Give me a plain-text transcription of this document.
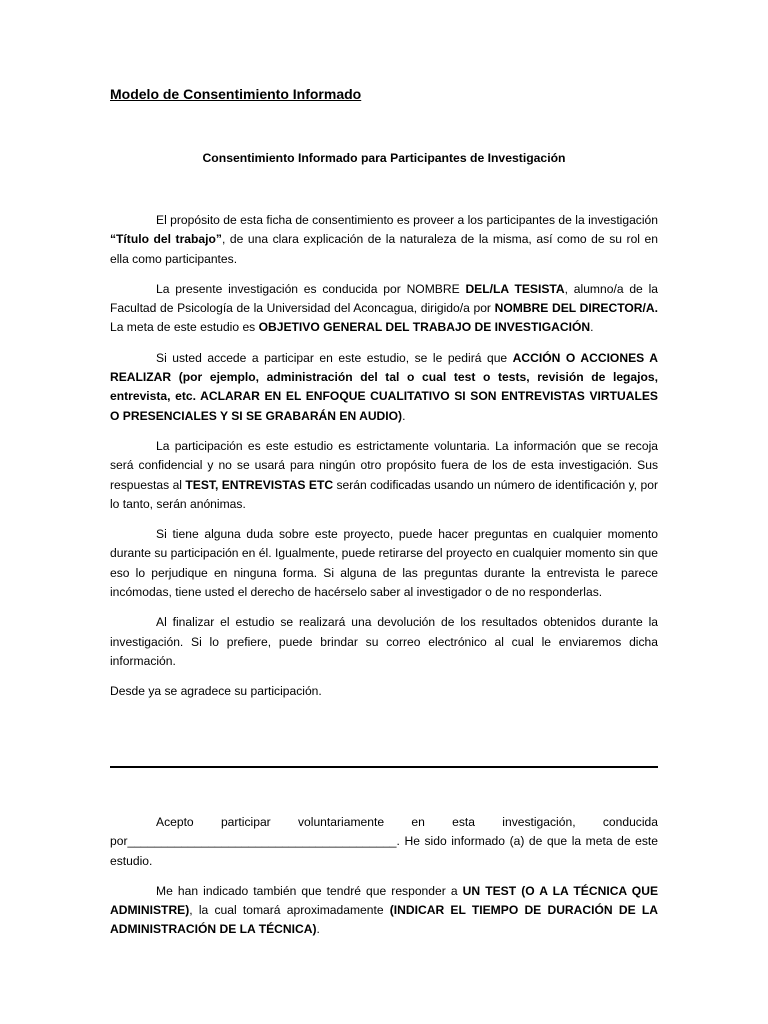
Modelo de Consentimiento Informado
Consentimiento Informado para Participantes de Investigación

El propósito de esta ficha de consentimiento es proveer a los participantes de la investigación “Título del trabajo”, de una clara explicación de la naturaleza de la misma, así como de su rol en ella como participantes.

La presente investigación es conducida por NOMBRE DEL/LA TESISTA, alumno/a de la Facultad de Psicología de la Universidad del Aconcagua, dirigido/a por NOMBRE DEL DIRECTOR/A.  La meta de este estudio es OBJETIVO GENERAL DEL TRABAJO DE INVESTIGACIÓN.

Si usted accede a participar en este estudio, se le pedirá que ACCIÓN O ACCIONES A REALIZAR (por ejemplo, administración del tal o cual test o tests, revisión de legajos, entrevista, etc. ACLARAR EN EL ENFOQUE CUALITATIVO SI SON ENTREVISTAS VIRTUALES O PRESENCIALES Y SI SE GRABARÁN EN AUDIO).

La participación es este estudio es estrictamente voluntaria. La información que se recoja será confidencial y no se usará para ningún otro propósito fuera de los de esta investigación. Sus respuestas al TEST, ENTREVISTAS ETC serán codificadas usando un número de identificación y, por lo tanto, serán anónimas.

Si tiene alguna duda sobre este proyecto, puede hacer preguntas en cualquier momento durante su participación en él. Igualmente, puede retirarse del proyecto en cualquier momento sin que eso lo perjudique en ninguna forma. Si alguna de las preguntas durante la entrevista le parece incómodas, tiene usted el derecho de hacérselo saber al investigador o de no responderlas.

Al finalizar el estudio se realizará una devolución de los resultados obtenidos durante la investigación. Si lo prefiere, puede brindar su correo electrónico al cual le enviaremos dicha información.

Desde ya se agradece su participación.

Acepto participar voluntariamente en esta investigación, conducida por________________________________________. He sido informado (a) de que la meta de este estudio.

Me han indicado también que tendré que responder a UN TEST (O A LA TÉCNICA QUE ADMINISTRE), la cual tomará aproximadamente (INDICAR EL TIEMPO DE DURACIÓN DE LA ADMINISTRACIÓN DE LA TÉCNICA).
